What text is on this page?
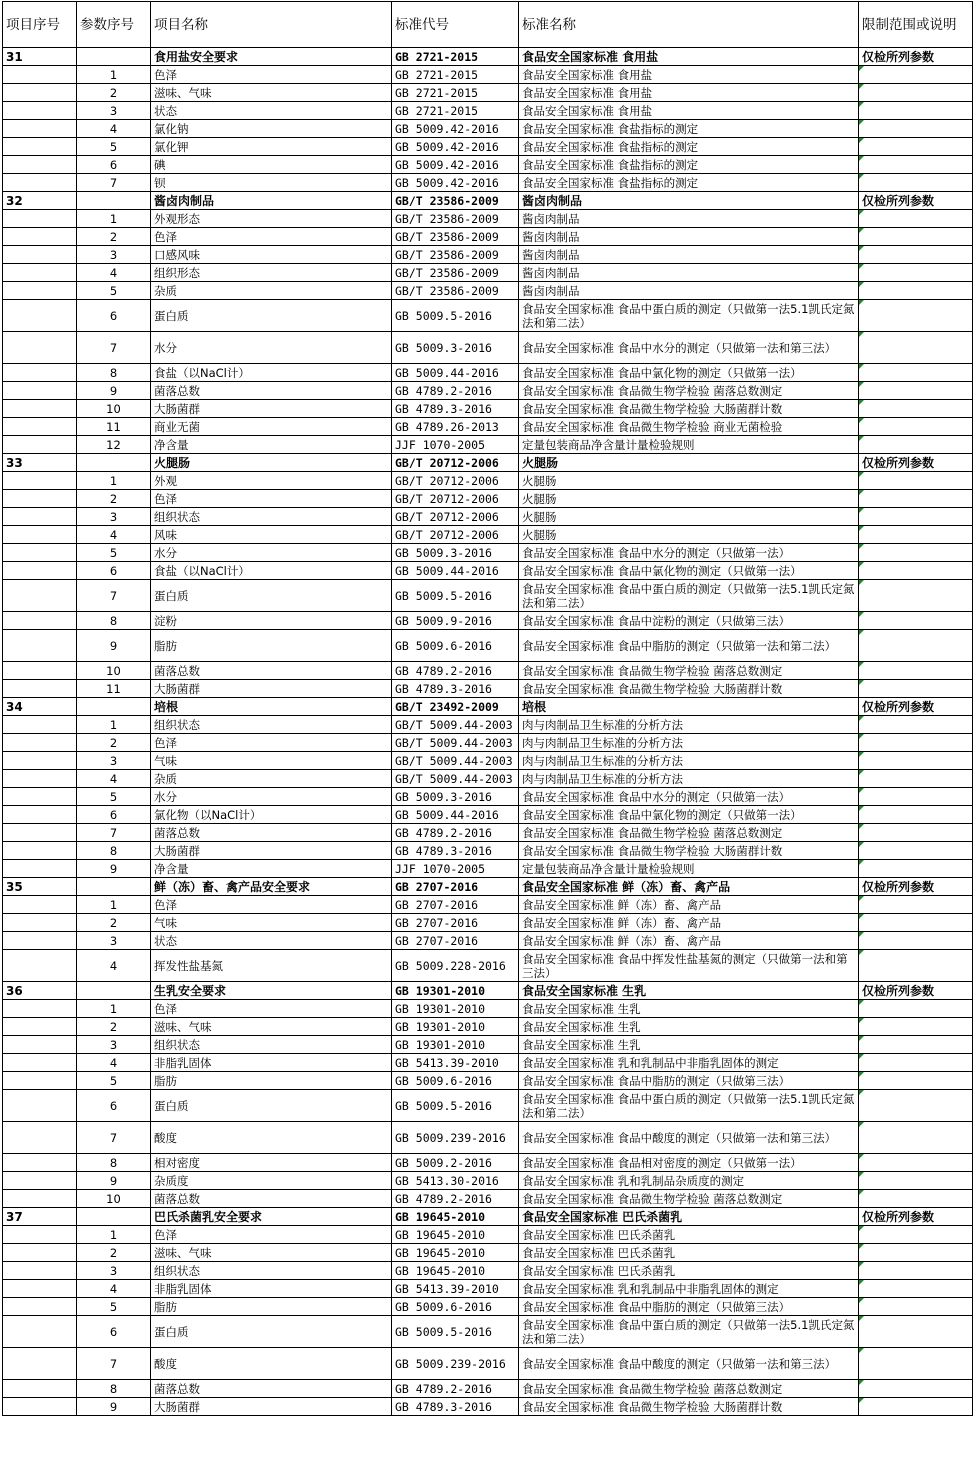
项目序号	参数序号	项目名称	标准代号	标准名称	限制范围或说明
31		食用盐安全要求	GB 2721-2015	食品安全国家标准 食用盐	仅检所列参数
	1	色泽	GB 2721-2015	食品安全国家标准 食用盐	

	2	滋味、气味	GB 2721-2015	食品安全国家标准 食用盐	

	3	状态	GB 2721-2015	食品安全国家标准 食用盐	

	4	氯化钠	GB 5009.42-2016	食品安全国家标准 食盐指标的测定	

	5	氯化钾	GB 5009.42-2016	食品安全国家标准 食盐指标的测定	

	6	碘	GB 5009.42-2016	食品安全国家标准 食盐指标的测定	

	7	钡	GB 5009.42-2016	食品安全国家标准 食盐指标的测定	

32		酱卤肉制品	GB/T 23586-2009	酱卤肉制品	仅检所列参数
	1	外观形态	GB/T 23586-2009	酱卤肉制品	

	2	色泽	GB/T 23586-2009	酱卤肉制品	

	3	口感风味	GB/T 23586-2009	酱卤肉制品	

	4	组织形态	GB/T 23586-2009	酱卤肉制品	

	5	杂质	GB/T 23586-2009	酱卤肉制品	

	6	蛋白质	GB 5009.5-2016	食品安全国家标准 食品中蛋白质的测定（只做第一法5.1凯氏定氮法和第二法）	

	7	水分	GB 5009.3-2016	食品安全国家标准 食品中水分的测定（只做第一法和第三法）	

	8	食盐（以NaCl计）	GB 5009.44-2016	食品安全国家标准 食品中氯化物的测定（只做第一法）	

	9	菌落总数	GB 4789.2-2016	食品安全国家标准 食品微生物学检验 菌落总数测定	

	10	大肠菌群	GB 4789.3-2016	食品安全国家标准 食品微生物学检验 大肠菌群计数	

	11	商业无菌	GB 4789.26-2013	食品安全国家标准 食品微生物学检验 商业无菌检验	

	12	净含量	JJF 1070-2005	定量包装商品净含量计量检验规则	

33		火腿肠	GB/T 20712-2006	火腿肠	仅检所列参数
	1	外观	GB/T 20712-2006	火腿肠	

	2	色泽	GB/T 20712-2006	火腿肠	

	3	组织状态	GB/T 20712-2006	火腿肠	

	4	风味	GB/T 20712-2006	火腿肠	

	5	水分	GB 5009.3-2016	食品安全国家标准 食品中水分的测定（只做第一法）	

	6	食盐（以NaCl计）	GB 5009.44-2016	食品安全国家标准 食品中氯化物的测定（只做第一法）	

	7	蛋白质	GB 5009.5-2016	食品安全国家标准 食品中蛋白质的测定（只做第一法5.1凯氏定氮法和第二法）	

	8	淀粉	GB 5009.9-2016	食品安全国家标准 食品中淀粉的测定（只做第三法）	

	9	脂肪	GB 5009.6-2016	食品安全国家标准 食品中脂肪的测定（只做第一法和第二法）	

	10	菌落总数	GB 4789.2-2016	食品安全国家标准 食品微生物学检验 菌落总数测定	

	11	大肠菌群	GB 4789.3-2016	食品安全国家标准 食品微生物学检验 大肠菌群计数	

34		培根	GB/T 23492-2009	培根	仅检所列参数
	1	组织状态	GB/T 5009.44-2003	肉与肉制品卫生标准的分析方法	

	2	色泽	GB/T 5009.44-2003	肉与肉制品卫生标准的分析方法	

	3	气味	GB/T 5009.44-2003	肉与肉制品卫生标准的分析方法	

	4	杂质	GB/T 5009.44-2003	肉与肉制品卫生标准的分析方法	

	5	水分	GB 5009.3-2016	食品安全国家标准 食品中水分的测定（只做第一法）	

	6	氯化物（以NaCl计）	GB 5009.44-2016	食品安全国家标准 食品中氯化物的测定（只做第一法）	

	7	菌落总数	GB 4789.2-2016	食品安全国家标准 食品微生物学检验 菌落总数测定	

	8	大肠菌群	GB 4789.3-2016	食品安全国家标准 食品微生物学检验 大肠菌群计数	

	9	净含量	JJF 1070-2005	定量包装商品净含量计量检验规则	

35		鲜（冻）畜、禽产品安全要求	GB 2707-2016	食品安全国家标准 鲜（冻）畜、禽产品	仅检所列参数
	1	色泽	GB 2707-2016	食品安全国家标准 鲜（冻）畜、禽产品	

	2	气味	GB 2707-2016	食品安全国家标准 鲜（冻）畜、禽产品	

	3	状态	GB 2707-2016	食品安全国家标准 鲜（冻）畜、禽产品	

	4	挥发性盐基氮	GB 5009.228-2016	食品安全国家标准 食品中挥发性盐基氮的测定（只做第一法和第三法）	

36		生乳安全要求	GB 19301-2010	食品安全国家标准 生乳	仅检所列参数
	1	色泽	GB 19301-2010	食品安全国家标准 生乳	

	2	滋味、气味	GB 19301-2010	食品安全国家标准 生乳	

	3	组织状态	GB 19301-2010	食品安全国家标准 生乳	

	4	非脂乳固体	GB 5413.39-2010	食品安全国家标准 乳和乳制品中非脂乳固体的测定	

	5	脂肪	GB 5009.6-2016	食品安全国家标准 食品中脂肪的测定（只做第三法）	

	6	蛋白质	GB 5009.5-2016	食品安全国家标准 食品中蛋白质的测定（只做第一法5.1凯氏定氮法和第二法）	

	7	酸度	GB 5009.239-2016	食品安全国家标准 食品中酸度的测定（只做第一法和第三法）	

	8	相对密度	GB 5009.2-2016	食品安全国家标准 食品相对密度的测定（只做第一法）	

	9	杂质度	GB 5413.30-2016	食品安全国家标准 乳和乳制品杂质度的测定	

	10	菌落总数	GB 4789.2-2016	食品安全国家标准 食品微生物学检验 菌落总数测定	

37		巴氏杀菌乳安全要求	GB 19645-2010	食品安全国家标准 巴氏杀菌乳	仅检所列参数
	1	色泽	GB 19645-2010	食品安全国家标准 巴氏杀菌乳	

	2	滋味、气味	GB 19645-2010	食品安全国家标准 巴氏杀菌乳	

	3	组织状态	GB 19645-2010	食品安全国家标准 巴氏杀菌乳	

	4	非脂乳固体	GB 5413.39-2010	食品安全国家标准 乳和乳制品中非脂乳固体的测定	

	5	脂肪	GB 5009.6-2016	食品安全国家标准 食品中脂肪的测定（只做第三法）	

	6	蛋白质	GB 5009.5-2016	食品安全国家标准 食品中蛋白质的测定（只做第一法5.1凯氏定氮法和第二法）	

	7	酸度	GB 5009.239-2016	食品安全国家标准 食品中酸度的测定（只做第一法和第三法）	

	8	菌落总数	GB 4789.2-2016	食品安全国家标准 食品微生物学检验 菌落总数测定	

	9	大肠菌群	GB 4789.3-2016	食品安全国家标准 食品微生物学检验 大肠菌群计数	
